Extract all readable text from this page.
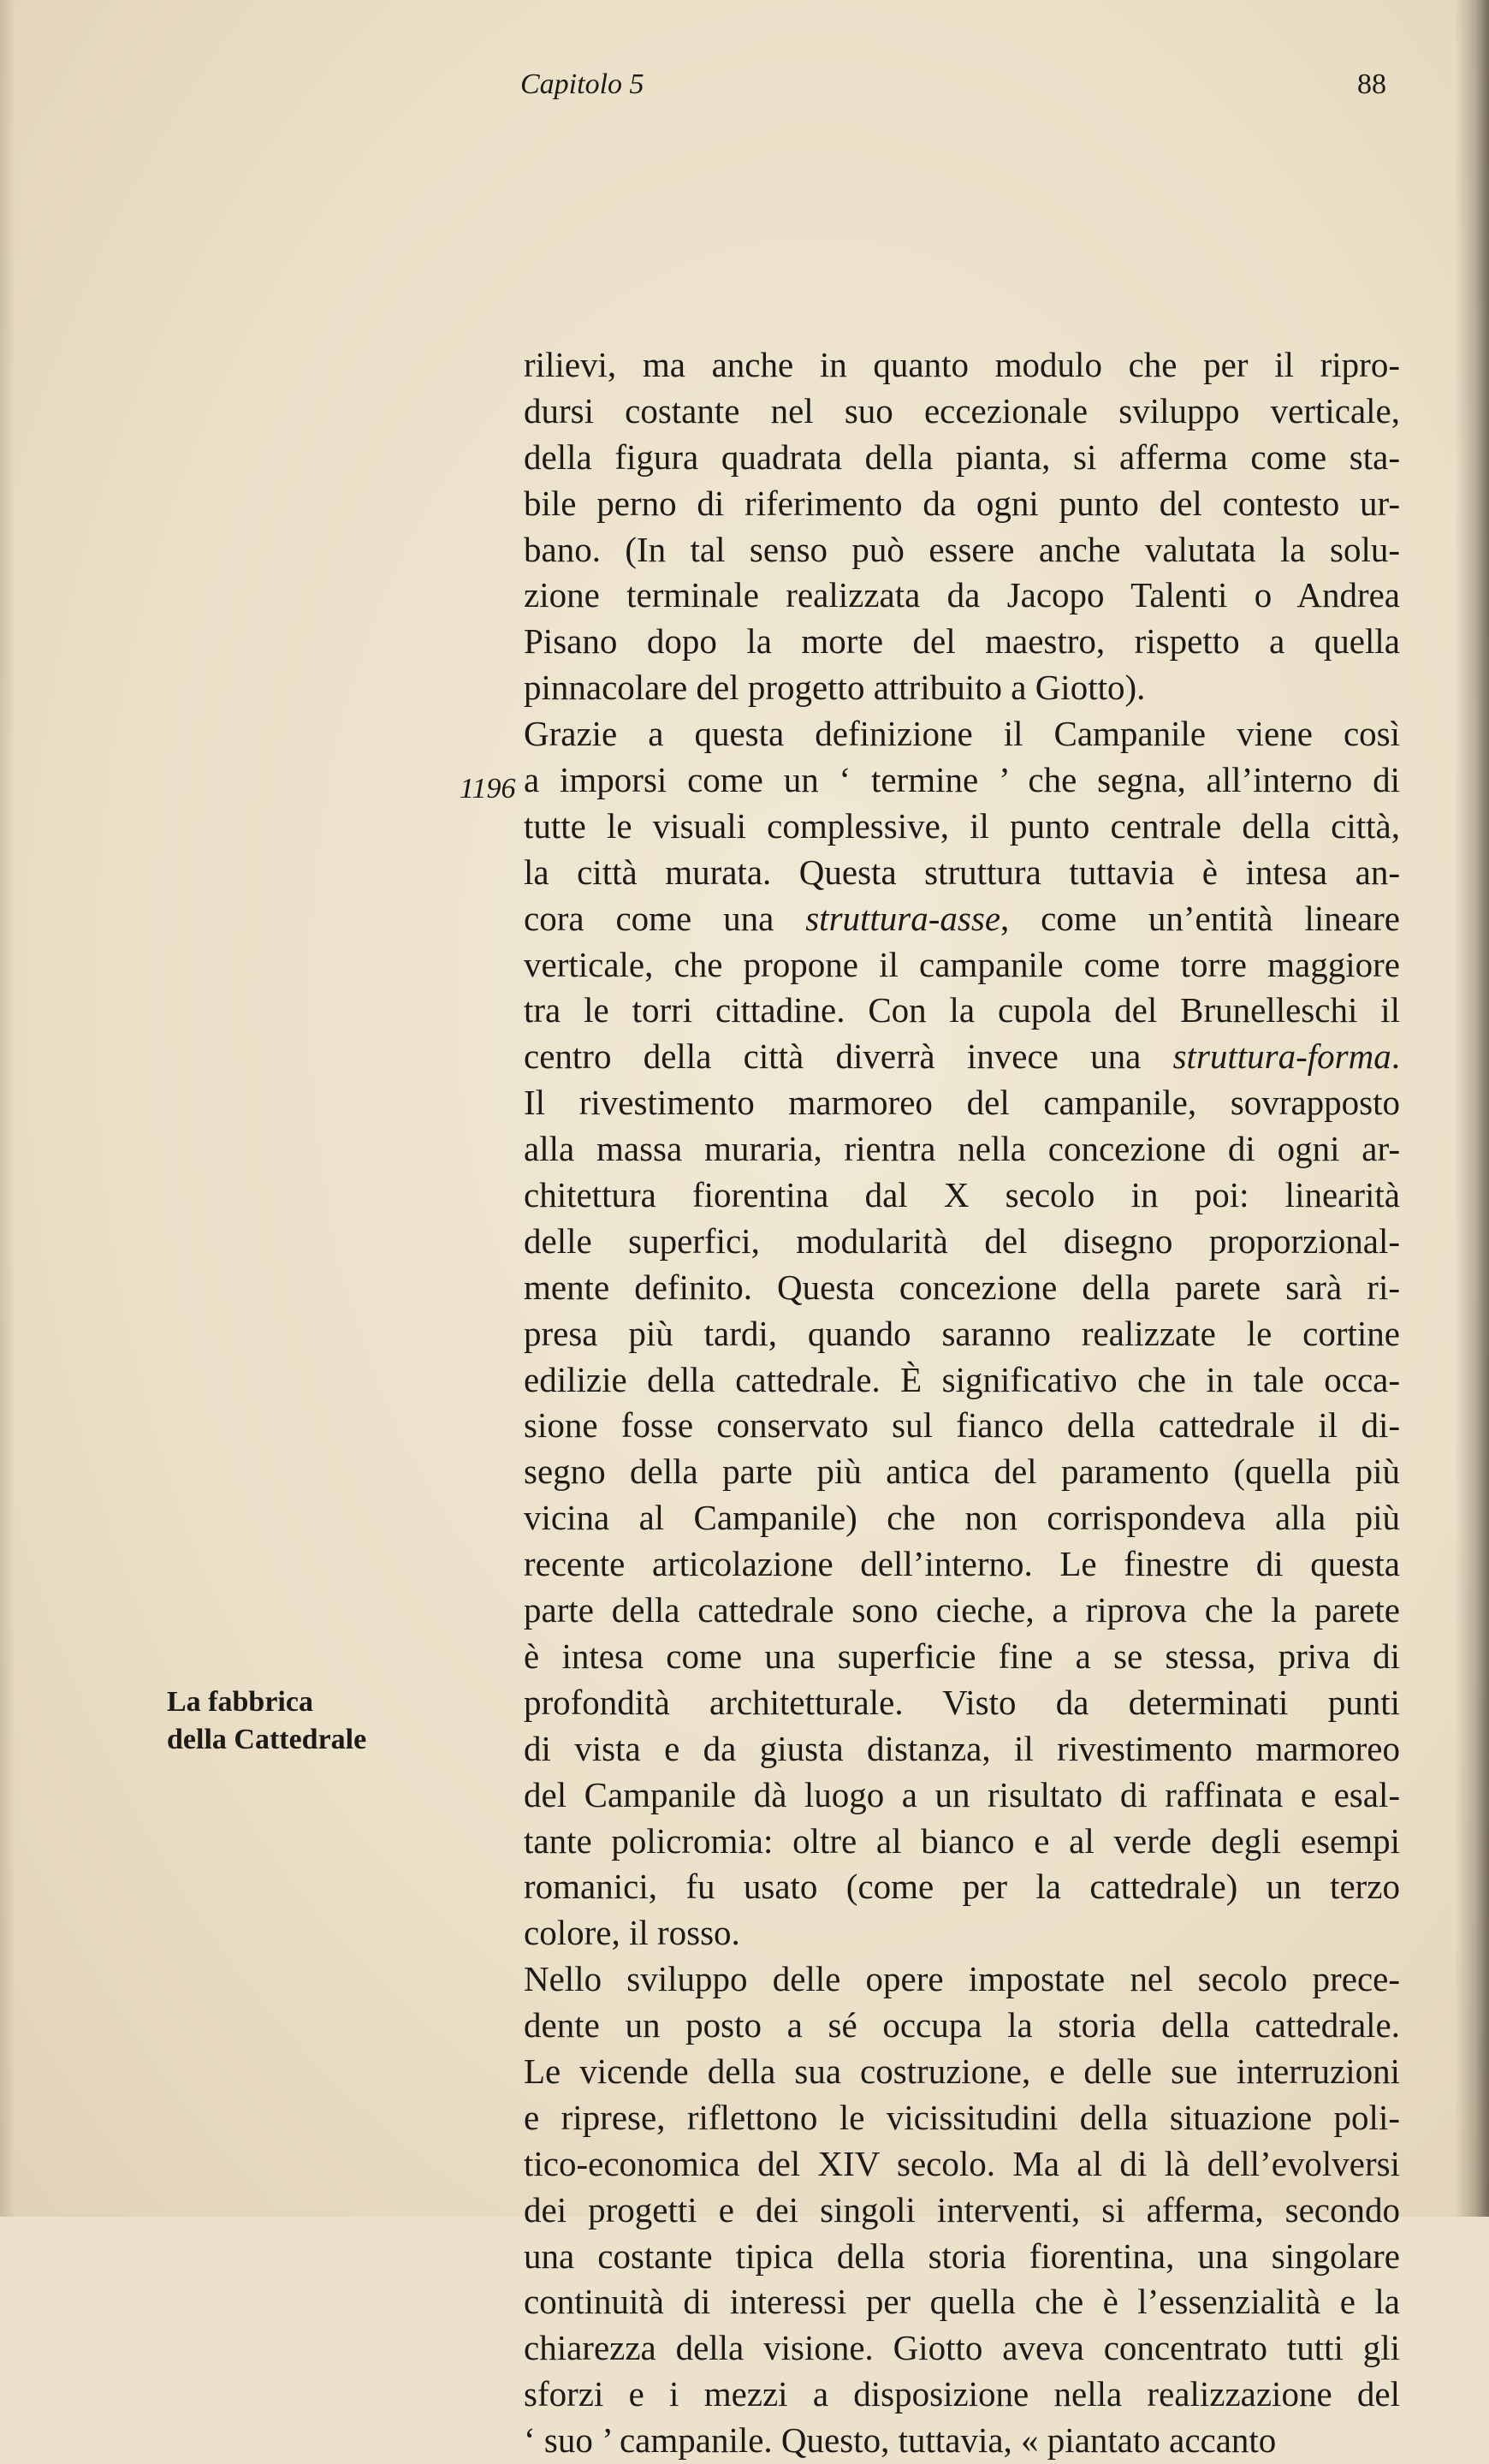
Capitolo 5	88
1196
La fabbrica
della Cattedrale
rilievi, ma anche in quanto modulo che per il ripro-
dursi costante nel suo eccezionale sviluppo verticale,
della figura quadrata della pianta, si afferma come sta-
bile perno di riferimento da ogni punto del contesto ur-
bano. (In tal senso può essere anche valutata la solu-
zione terminale realizzata da Jacopo Talenti o Andrea
Pisano dopo la morte del maestro, rispetto a quella
pinnacolare del progetto attribuito a Giotto).
Grazie a questa definizione il Campanile viene così
a imporsi come un ‘ termine ’ che segna, all’interno di
tutte le visuali complessive, il punto centrale della città,
la città murata. Questa struttura tuttavia è intesa an-
cora come una struttura-asse, come un’entità lineare
verticale, che propone il campanile come torre maggiore
tra le torri cittadine. Con la cupola del Brunelleschi il
centro della città diverrà invece una struttura-forma.
Il rivestimento marmoreo del campanile, sovrapposto
alla massa muraria, rientra nella concezione di ogni ar-
chitettura fiorentina dal X secolo in poi: linearità
delle superfici, modularità del disegno proporzional-
mente definito. Questa concezione della parete sarà ri-
presa più tardi, quando saranno realizzate le cortine
edilizie della cattedrale. È significativo che in tale occa-
sione fosse conservato sul fianco della cattedrale il di-
segno della parte più antica del paramento (quella più
vicina al Campanile) che non corrispondeva alla più
recente articolazione dell’interno. Le finestre di questa
parte della cattedrale sono cieche, a riprova che la parete
è intesa come una superficie fine a se stessa, priva di
profondità architetturale. Visto da determinati punti
di vista e da giusta distanza, il rivestimento marmoreo
del Campanile dà luogo a un risultato di raffinata e esal-
tante policromia: oltre al bianco e al verde degli esempi
romanici, fu usato (come per la cattedrale) un terzo
colore, il rosso.
Nello sviluppo delle opere impostate nel secolo prece-
dente un posto a sé occupa la storia della cattedrale.
Le vicende della sua costruzione, e delle sue interruzioni
e riprese, riflettono le vicissitudini della situazione poli-
tico-economica del XIV secolo. Ma al di là dell’evolversi
dei progetti e dei singoli interventi, si afferma, secondo
una costante tipica della storia fiorentina, una singolare
continuità di interessi per quella che è l’essenzialità e la
chiarezza della visione. Giotto aveva concentrato tutti gli
sforzi e i mezzi a disposizione nella realizzazione del
‘ suo ’ campanile. Questo, tuttavia, « piantato accanto
